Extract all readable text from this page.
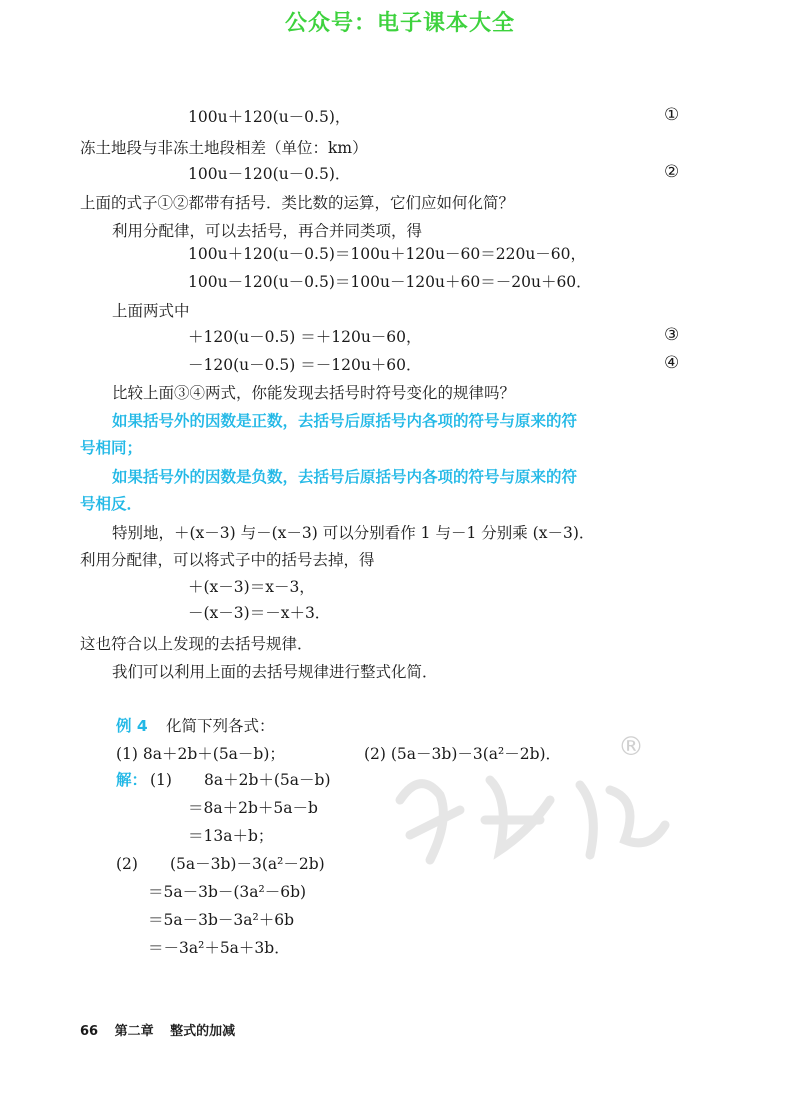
公众号：电子课本大全
100u＋120(u－0.5)，	①
冻土地段与非冻土地段相差（单位：km）
100u－120(u－0.5)．	②
上面的式子①②都带有括号．类比数的运算，它们应如何化简？
利用分配律，可以去括号，再合并同类项，得
100u＋120(u－0.5)＝100u＋120u－60＝220u－60，
100u－120(u－0.5)＝100u－120u＋60＝－20u＋60．
上面两式中
＋120(u－0.5) ＝＋120u－60，	③
－120(u－0.5) ＝－120u＋60．	④
比较上面③④两式，你能发现去括号时符号变化的规律吗？
如果括号外的因数是正数，去括号后原括号内各项的符号与原来的符
号相同；
如果括号外的因数是负数，去括号后原括号内各项的符号与原来的符
号相反．
特别地，＋(x－3) 与－(x－3) 可以分别看作 1 与－1 分别乘 (x－3)．
利用分配律，可以将式子中的括号去掉，得
＋(x－3)＝x－3，
－(x－3)＝－x＋3．
这也符合以上发现的去括号规律．
我们可以利用上面的去括号规律进行整式化简．
例 4 化简下列各式：
(1) 8a＋2b＋(5a－b)；	(2) (5a－3b)－3(a²－2b)．
解： (1) 8a＋2b＋(5a－b)
＝8a＋2b＋5a－b
＝13a＋b；
(2) (5a－3b)－3(a²－2b)
＝5a－3b－(3a²－6b)
＝5a－3b－3a²＋6b
＝－3a²＋5a＋3b．
®
66 第二章 整式的加减
